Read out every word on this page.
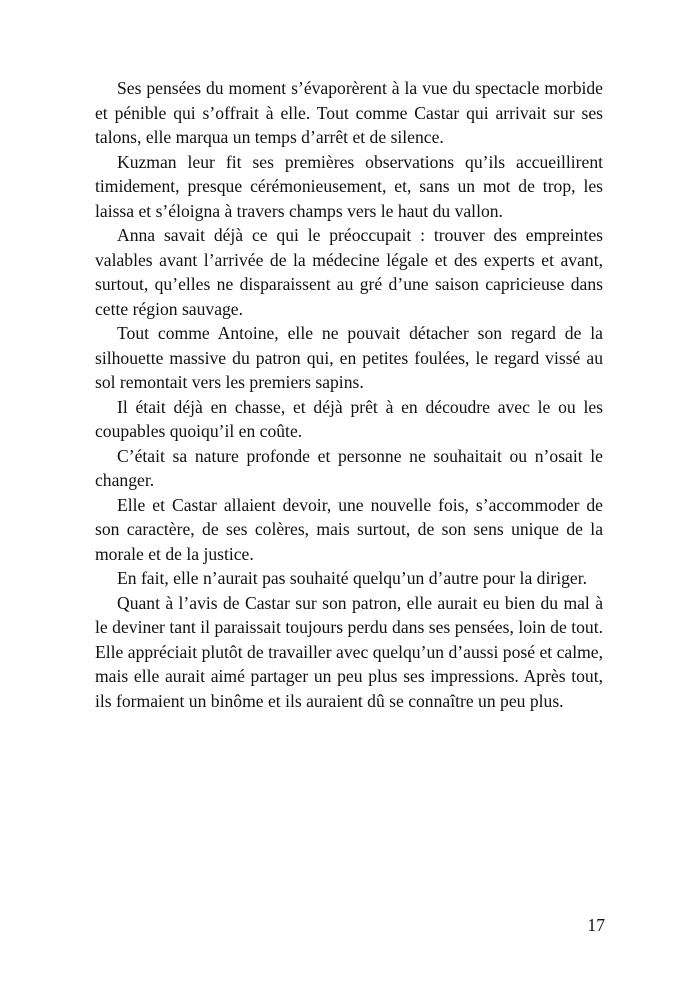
Ses pensées du moment s’évaporèrent à la vue du spectacle morbide et pénible qui s’offrait à elle. Tout comme Castar qui arrivait sur ses talons, elle marqua un temps d’arrêt et de silence.

Kuzman leur fit ses premières observations qu’ils accueillirent timidement, presque cérémonieusement, et, sans un mot de trop, les laissa et s’éloigna à travers champs vers le haut du vallon.

Anna savait déjà ce qui le préoccupait : trouver des empreintes valables avant l’arrivée de la médecine légale et des experts et avant, surtout, qu’elles ne disparaissent au gré d’une saison capricieuse dans cette région sauvage.

Tout comme Antoine, elle ne pouvait détacher son regard de la silhouette massive du patron qui, en petites foulées, le regard vissé au sol remontait vers les premiers sapins.

Il était déjà en chasse, et déjà prêt à en découdre avec le ou les coupables quoiqu’il en coûte.

C’était sa nature profonde et personne ne souhaitait ou n’osait le changer.

Elle et Castar allaient devoir, une nouvelle fois, s’accommoder de son caractère, de ses colères, mais surtout, de son sens unique de la morale et de la justice.

En fait, elle n’aurait pas souhaité quelqu’un d’autre pour la diriger.

Quant à l’avis de Castar sur son patron, elle aurait eu bien du mal à le deviner tant il paraissait toujours perdu dans ses pensées, loin de tout. Elle appréciait plutôt de travailler avec quelqu’un d’aussi posé et calme, mais elle aurait aimé partager un peu plus ses impressions. Après tout, ils formaient un binôme et ils auraient dû se connaître un peu plus.

17
